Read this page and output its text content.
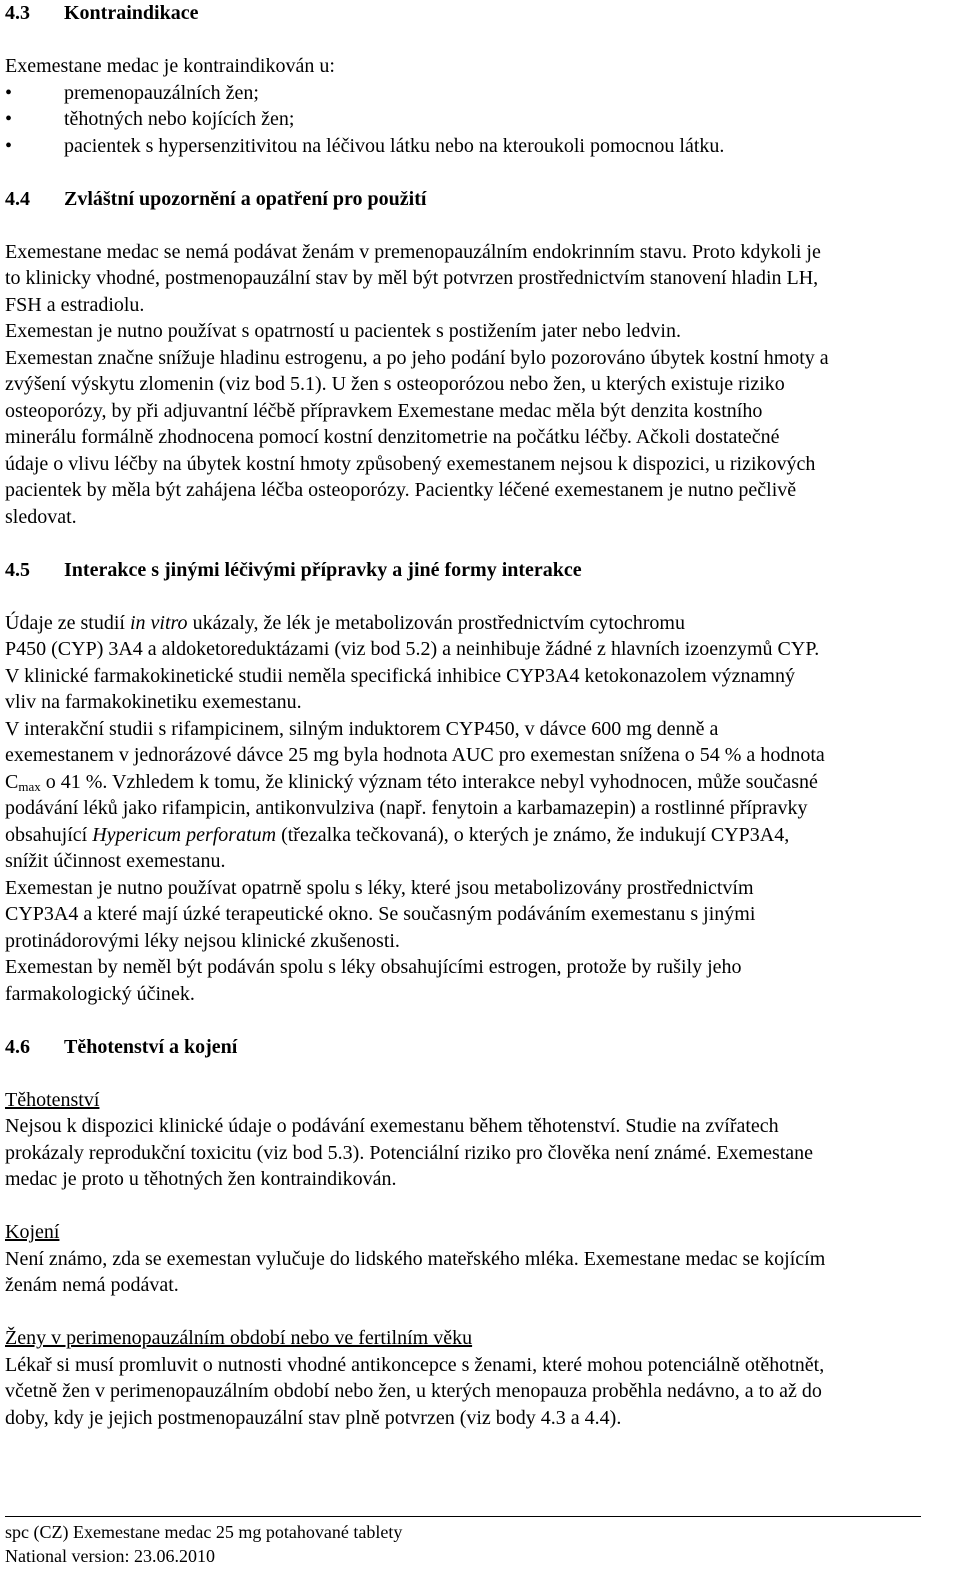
4.3 Kontraindikace
Exemestane medac je kontraindikován u:
•	premenopauzálních žen;
•	těhotných nebo kojících žen;
•	pacientek s hypersenzitivitou na léčivou látku nebo na kteroukoli pomocnou látku.
4.4 Zvláštní upozornění a opatření pro použití
Exemestane medac se nemá podávat ženám v premenopauzálním endokrinním stavu. Proto kdykoli je
to klinicky vhodné, postmenopauzální stav by měl být potvrzen prostřednictvím stanovení hladin LH,
FSH a estradiolu.
Exemestan je nutno používat s opatrností u pacientek s postižením jater nebo ledvin.
Exemestan značne snížuje hladinu estrogenu, a po jeho podání bylo pozorováno úbytek kostní hmoty a
zvýšení výskytu zlomenin (viz bod 5.1). U žen s osteoporózou nebo žen, u kterých existuje riziko
osteoporózy, by při adjuvantní léčbě přípravkem Exemestane medac měla být denzita kostního
minerálu formálně zhodnocena pomocí kostní denzitometrie na počátku léčby. Ačkoli dostatečné
údaje o vlivu léčby na úbytek kostní hmoty způsobený exemestanem nejsou k dispozici, u rizikových
pacientek by měla být zahájena léčba osteoporózy. Pacientky léčené exemestanem je nutno pečlivě
sledovat.
4.5 Interakce s jinými léčivými přípravky a jiné formy interakce
Údaje ze studií in vitro ukázaly, že lék je metabolizován prostřednictvím cytochromu
P450 (CYP) 3A4 a aldoketoreduktázami (viz bod 5.2) a neinhibuje žádné z hlavních izoenzymů CYP.
V klinické farmakokinetické studii neměla specifická inhibice CYP3A4 ketokonazolem významný
vliv na farmakokinetiku exemestanu.
V interakční studii s rifampicinem, silným induktorem CYP450, v dávce 600 mg denně a
exemestanem v jednorázové dávce 25 mg byla hodnota AUC pro exemestan snížena o 54 % a hodnota
$C_{max}$ o 41 %. Vzhledem k tomu, že klinický význam této interakce nebyl vyhodnocen, může současné
podávání léků jako rifampicin, antikonvulziva (např. fenytoin a karbamazepin) a rostlinné přípravky
obsahující Hypericum perforatum (třezalka tečkovaná), o kterých je známo, že indukují CYP3A4,
snížit účinnost exemestanu.
Exemestan je nutno používat opatrně spolu s léky, které jsou metabolizovány prostřednictvím
CYP3A4 a které mají úzké terapeutické okno. Se současným podáváním exemestanu s jinými
protinádorovými léky nejsou klinické zkušenosti.
Exemestan by neměl být podáván spolu s léky obsahujícími estrogen, protože by rušily jeho
farmakologický účinek.
4.6 Těhotenství a kojení
Těhotenství
Nejsou k dispozici klinické údaje o podávání exemestanu během těhotenství. Studie na zvířatech
prokázaly reprodukční toxicitu (viz bod 5.3). Potenciální riziko pro člověka není známé. Exemestane
medac je proto u těhotných žen kontraindikován.
Kojení
Není známo, zda se exemestan vylučuje do lidského mateřského mléka. Exemestane medac se kojícím
ženám nemá podávat.
Ženy v perimenopauzálním období nebo ve fertilním věku
Lékař si musí promluvit o nutnosti vhodné antikoncepce s ženami, které mohou potenciálně otěhotnět,
včetně žen v perimenopauzálním období nebo žen, u kterých menopauza proběhla nedávno, a to až do
doby, kdy je jejich postmenopauzální stav plně potvrzen (viz body 4.3 a 4.4).
spc (CZ) Exemestane medac 25 mg potahované tablety
National version: 23.06.2010
